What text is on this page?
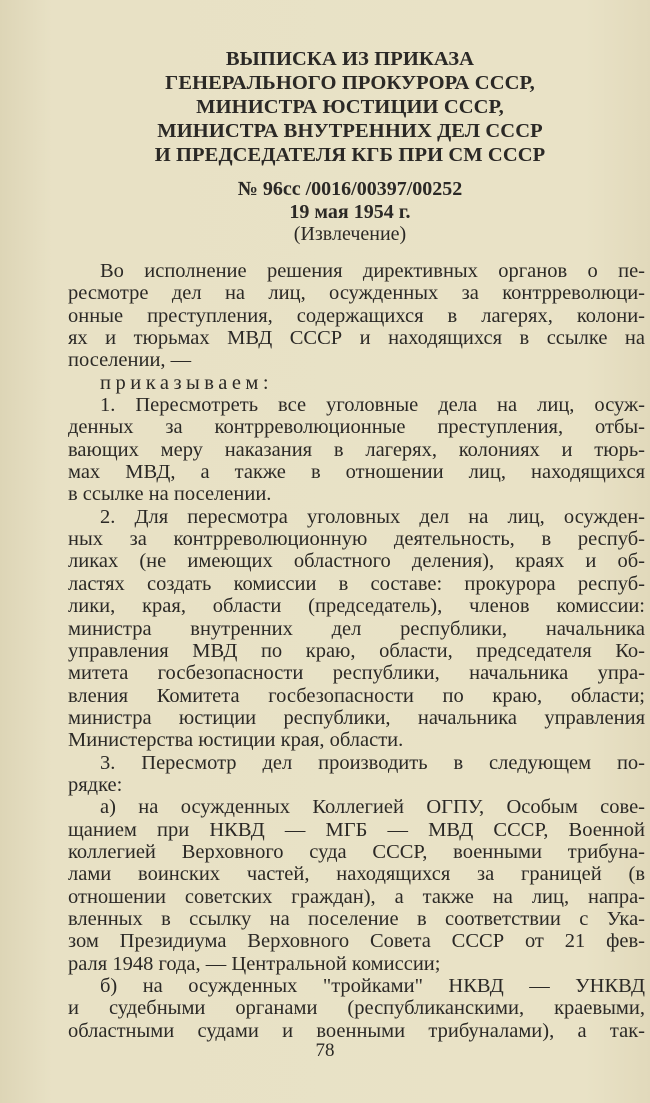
ВЫПИСКА ИЗ ПРИКАЗА
ГЕНЕРАЛЬНОГО ПРОКУРОРА СССР,
МИНИСТРА ЮСТИЦИИ СССР,
МИНИСТРА ВНУТРЕННИХ ДЕЛ СССР
И ПРЕДСЕДАТЕЛЯ КГБ ПРИ СМ СССР
№ 96сс /0016/00397/00252
19 мая 1954 г.
(Извлечение)
Во исполнение решения директивных органов о пе-
ресмотре дел на лиц, осужденных за контрреволюци-
онные преступления, содержащихся в лагерях, колони-
ях и тюрьмах МВД СССР и находящихся в ссылке на
поселении, —
приказываем:
1. Пересмотреть все уголовные дела на лиц, осуж-
денных за контрреволюционные преступления, отбы-
вающих меру наказания в лагерях, колониях и тюрь-
мах МВД, а также в отношении лиц, находящихся
в ссылке на поселении.
2. Для пересмотра уголовных дел на лиц, осужден-
ных за контрреволюционную деятельность, в респуб-
ликах (не имеющих областного деления), краях и об-
ластях создать комиссии в составе: прокурора респуб-
лики, края, области (председатель), членов комиссии:
министра внутренних дел республики, начальника
управления МВД по краю, области, председателя Ко-
митета госбезопасности республики, начальника упра-
вления Комитета госбезопасности по краю, области;
министра юстиции республики, начальника управления
Министерства юстиции края, области.
3. Пересмотр дел производить в следующем по-
рядке:
а) на осужденных Коллегией ОГПУ, Особым сове-
щанием при НКВД — МГБ — МВД СССР, Военной
коллегией Верховного суда СССР, военными трибуна-
лами воинских частей, находящихся за границей (в
отношении советских граждан), а также на лиц, напра-
вленных в ссылку на поселение в соответствии с Ука-
зом Президиума Верховного Совета СССР от 21 фев-
раля 1948 года, — Центральной комиссии;
б) на осужденных "тройками" НКВД — УНКВД
и судебными органами (республиканскими, краевыми,
областными судами и военными трибуналами), а так-
78
